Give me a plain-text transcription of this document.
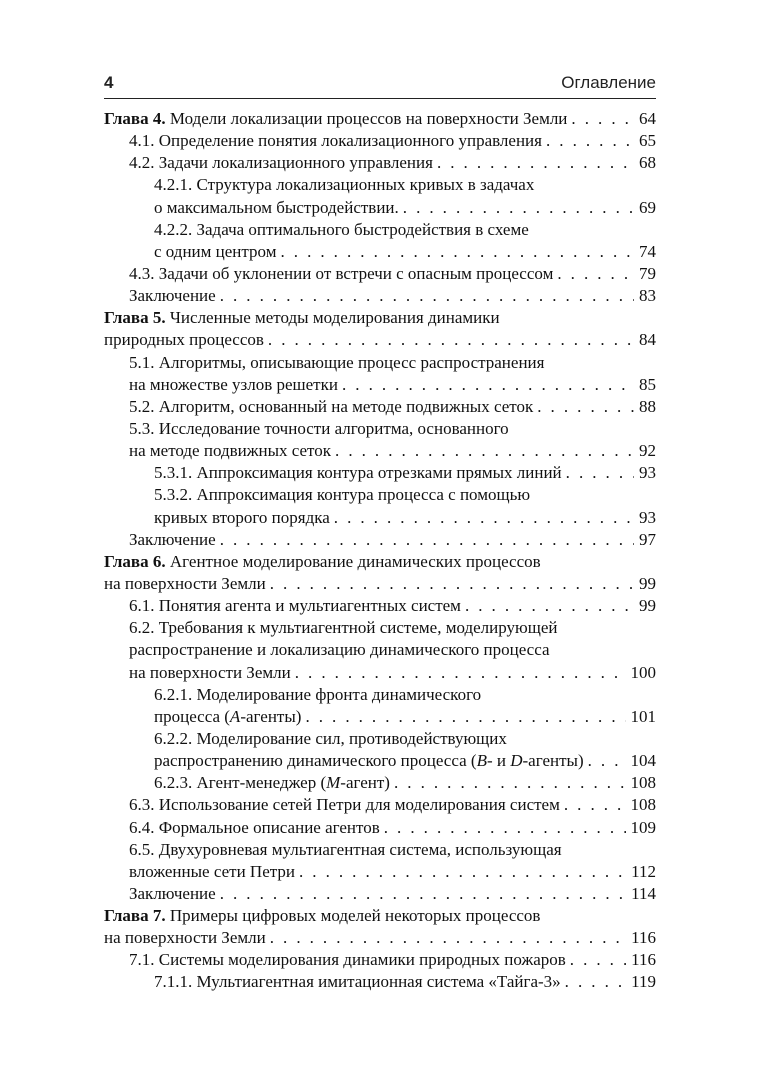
4	Оглавление
Глава 4. Модели локализации процессов на поверхности Земли . . .	64
4.1. Определение понятия локализационного управления . . .	65
4.2. Задачи локализационного управления . . .	68
4.2.1. Структура локализационных кривых в задачах
о максимальном быстродействии. . . .	69
4.2.2. Задача оптимального быстродействия в схеме
с одним центром . . .	74
4.3. Задачи об уклонении от встречи с опасным процессом . . .	79
Заключение . . .	83
Глава 5. Численные методы моделирования динамики
природных процессов . . .	84
5.1. Алгоритмы, описывающие процесс распространения
на множестве узлов решетки . . .	85
5.2. Алгоритм, основанный на методе подвижных сеток . . .	88
5.3. Исследование точности алгоритма, основанного
на методе подвижных сеток . . .	92
5.3.1. Аппроксимация контура отрезками прямых линий . . .	93
5.3.2. Аппроксимация контура процесса с помощью
кривых второго порядка . . .	93
Заключение . . .	97
Глава 6. Агентное моделирование динамических процессов
на поверхности Земли . . .	99
6.1. Понятия агента и мультиагентных систем . . .	99
6.2. Требования к мультиагентной системе, моделирующей
распространение и локализацию динамического процесса
на поверхности Земли . . .	100
6.2.1. Моделирование фронта динамического
процесса (A-агенты) . . .	101
6.2.2. Моделирование сил, противодействующих
распространению динамического процесса (B- и D-агенты) . . .	104
6.2.3. Агент-менеджер (M-агент) . . .	108
6.3. Использование сетей Петри для моделирования систем . . .	108
6.4. Формальное описание агентов . . .	109
6.5. Двухуровневая мультиагентная система, использующая
вложенные сети Петри . . .	112
Заключение . . .	114
Глава 7. Примеры цифровых моделей некоторых процессов
на поверхности Земли . . .	116
7.1. Системы моделирования динамики природных пожаров . . .	116
7.1.1. Мультиагентная имитационная система «Тайга-3» . . .	119
